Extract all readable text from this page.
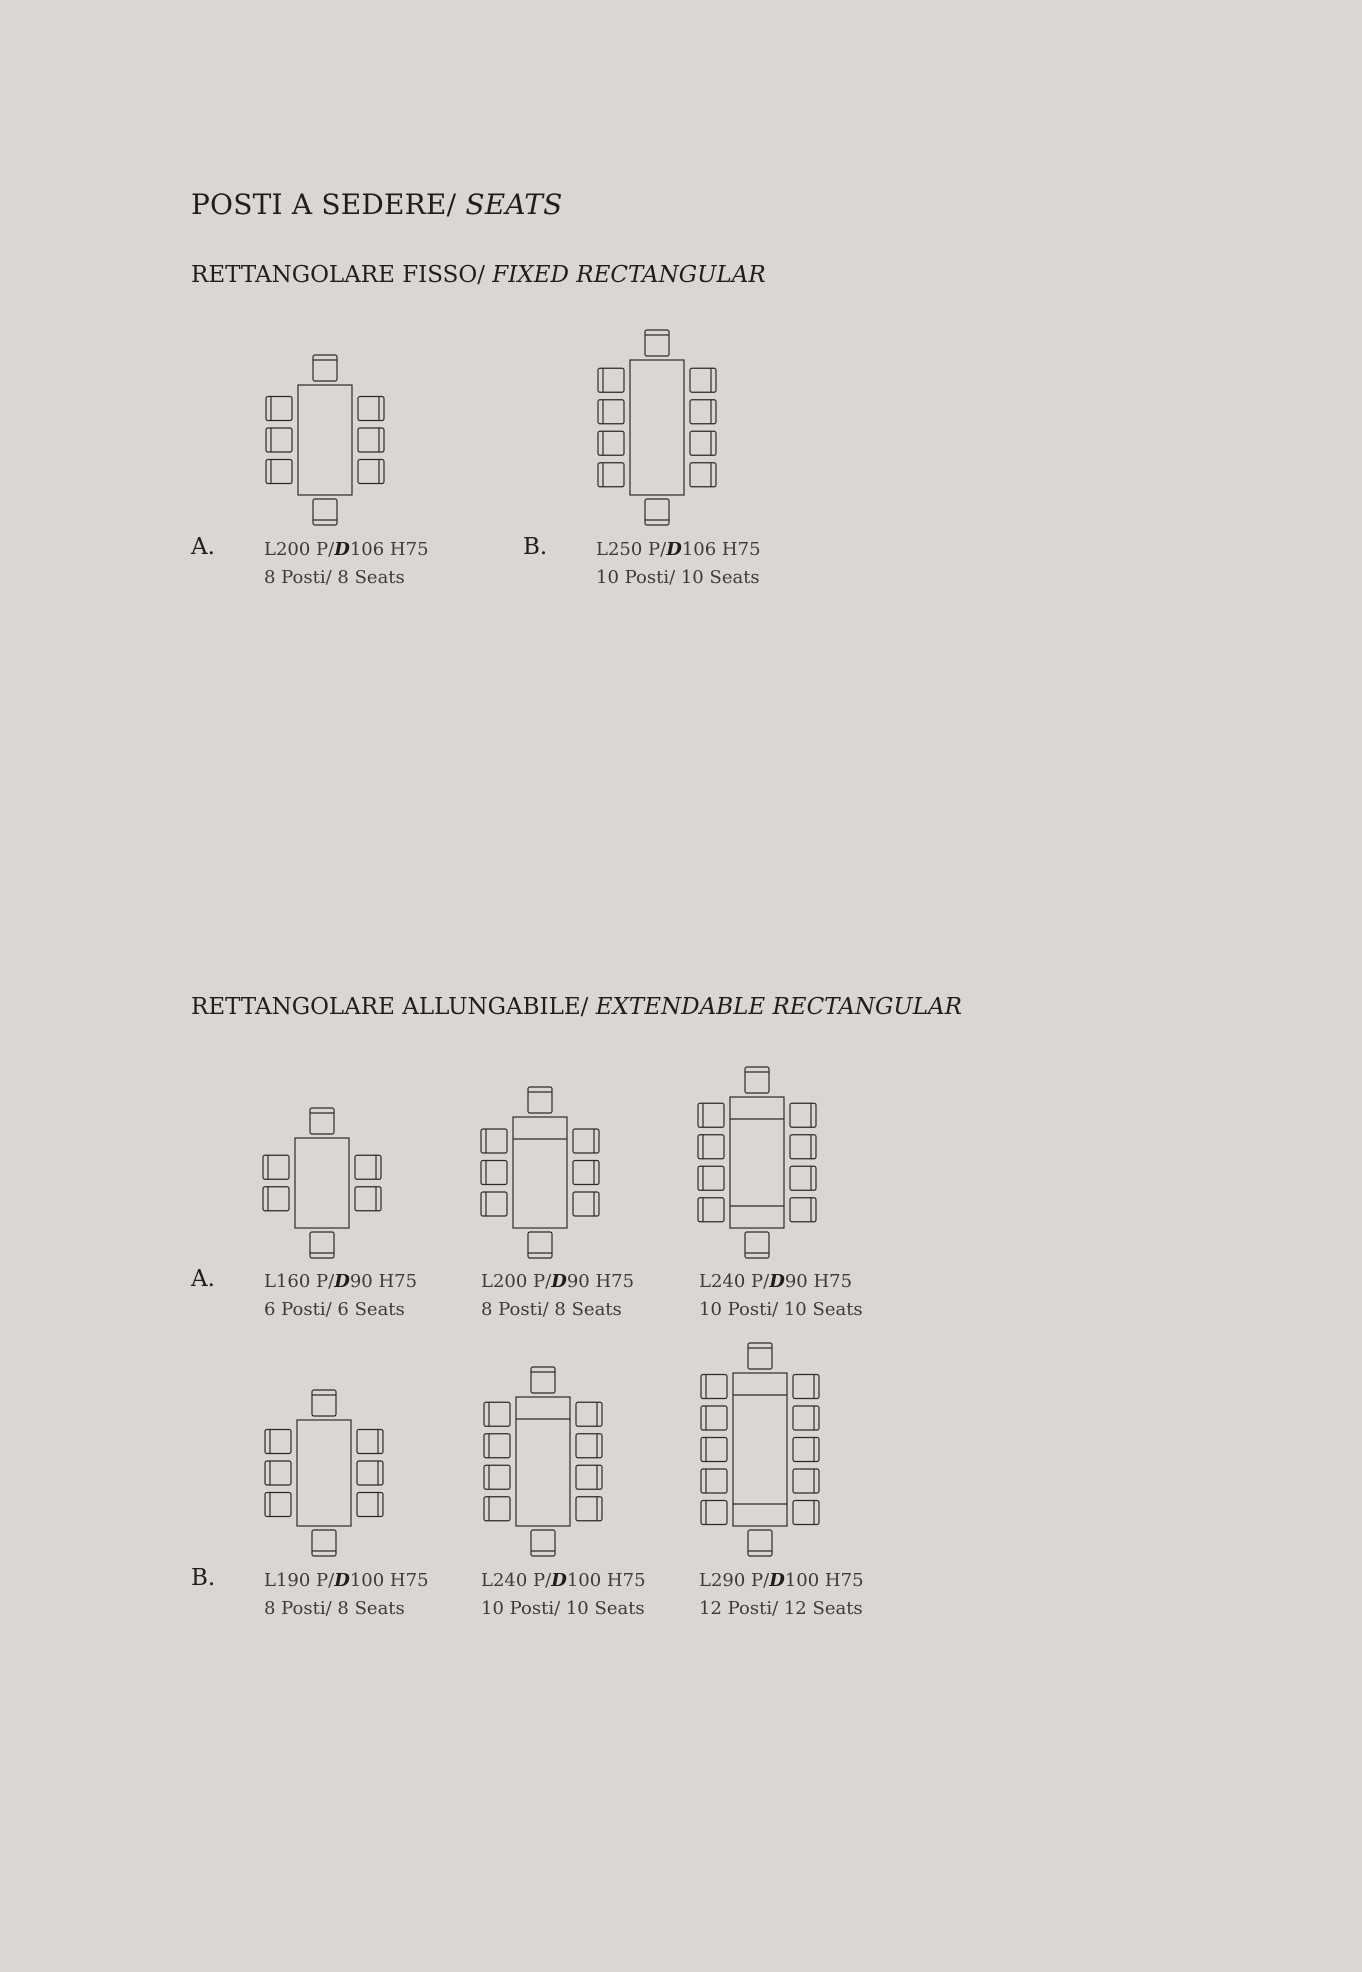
POSTI A SEDERE/ SEATS
RETTANGOLARE FISSO/ FIXED RECTANGULAR
A.	B.
L200 P/D106 H75
8 Posti/ 8 Seats
L250 P/D106 H75
10 Posti/ 10 Seats
RETTANGOLARE ALLUNGABILE/ EXTENDABLE RECTANGULAR
A.
B.
L160 P/D90 H75
6 Posti/ 6 Seats
L200 P/D90 H75
8 Posti/ 8 Seats
L240 P/D90 H75
10 Posti/ 10 Seats
L190 P/D100 H75
8 Posti/ 8 Seats
L240 P/D100 H75
10 Posti/ 10 Seats
L290 P/D100 H75
12 Posti/ 12 Seats
